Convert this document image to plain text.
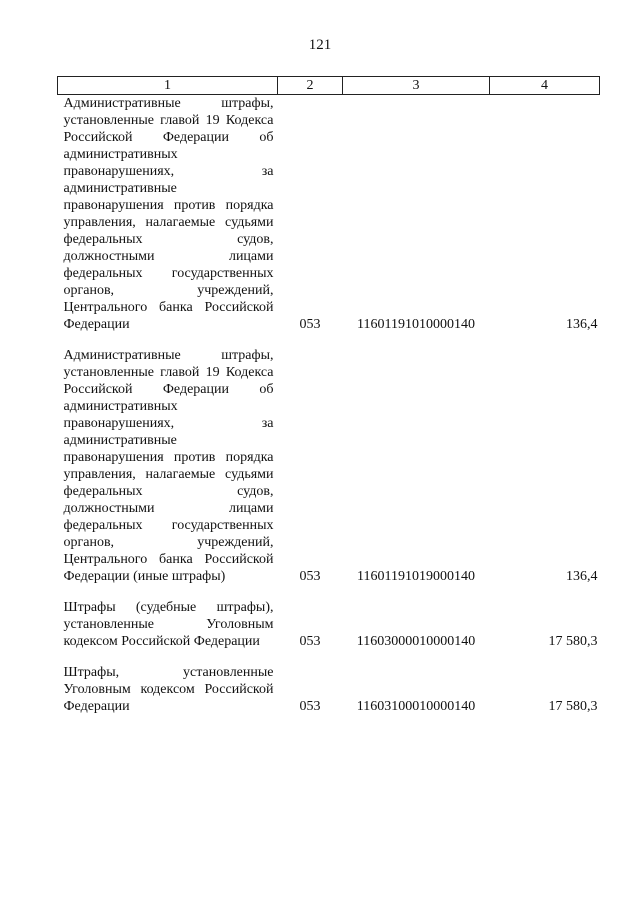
121
1	2	3	4
Административные штрафы, установленные главой 19 Кодекса Российской Федерации об административных правонарушениях, за административные правонарушения против порядка управления, налагаемые судьями федеральных судов, должностными лицами федеральных государственных органов, учреждений, Центрального банка Российской Федерации	053	11601191010000140	136,4

Административные штрафы, установленные главой 19 Кодекса Российской Федерации об административных правонарушениях, за административные правонарушения против порядка управления, налагаемые судьями федеральных судов, должностными лицами федеральных государственных органов, учреждений, Центрального банка Российской Федерации (иные штрафы)	053	11601191019000140	136,4

Штрафы (судебные штрафы), установленные Уголовным кодексом Российской Федерации	053	11603000010000140	17 580,3

Штрафы, установленные Уголовным кодексом Российской Федерации	053	11603100010000140	17 580,3
